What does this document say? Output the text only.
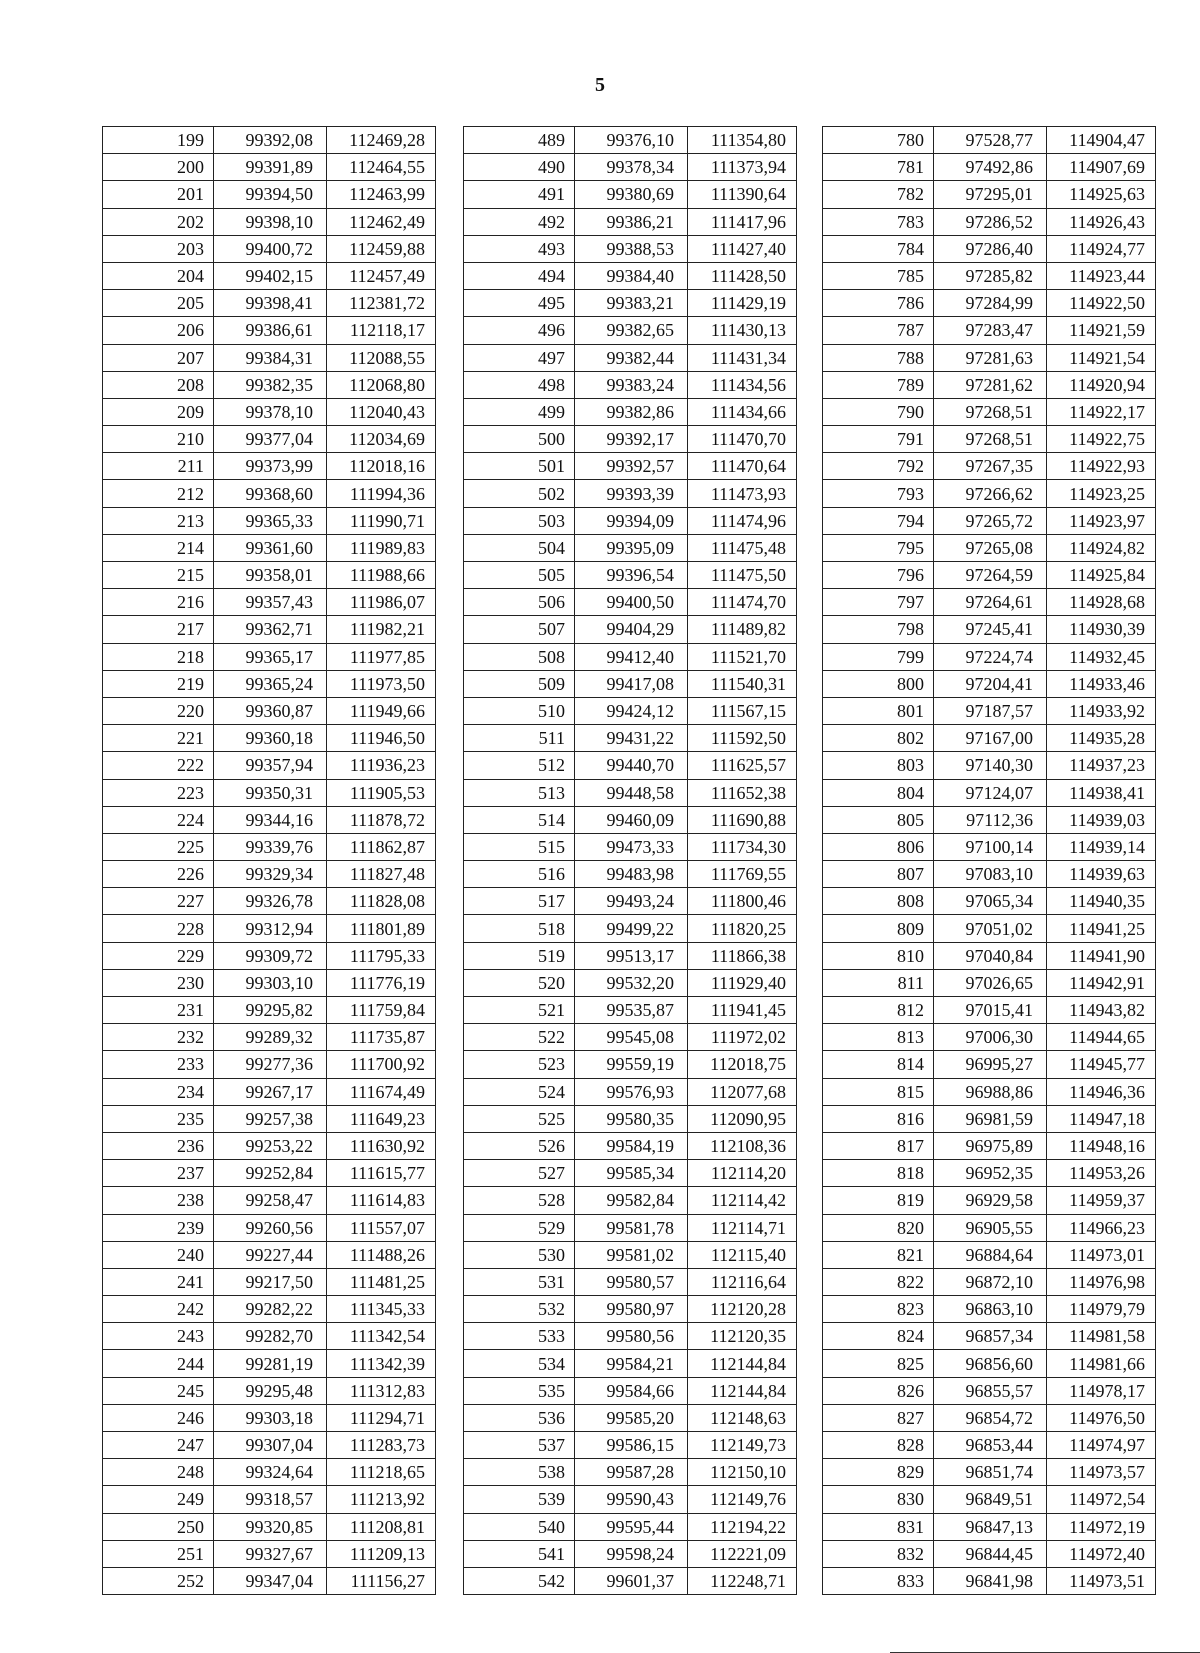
5
199	99392,08	112469,28
200	99391,89	112464,55
201	99394,50	112463,99
202	99398,10	112462,49
203	99400,72	112459,88
204	99402,15	112457,49
205	99398,41	112381,72
206	99386,61	112118,17
207	99384,31	112088,55
208	99382,35	112068,80
209	99378,10	112040,43
210	99377,04	112034,69
211	99373,99	112018,16
212	99368,60	111994,36
213	99365,33	111990,71
214	99361,60	111989,83
215	99358,01	111988,66
216	99357,43	111986,07
217	99362,71	111982,21
218	99365,17	111977,85
219	99365,24	111973,50
220	99360,87	111949,66
221	99360,18	111946,50
222	99357,94	111936,23
223	99350,31	111905,53
224	99344,16	111878,72
225	99339,76	111862,87
226	99329,34	111827,48
227	99326,78	111828,08
228	99312,94	111801,89
229	99309,72	111795,33
230	99303,10	111776,19
231	99295,82	111759,84
232	99289,32	111735,87
233	99277,36	111700,92
234	99267,17	111674,49
235	99257,38	111649,23
236	99253,22	111630,92
237	99252,84	111615,77
238	99258,47	111614,83
239	99260,56	111557,07
240	99227,44	111488,26
241	99217,50	111481,25
242	99282,22	111345,33
243	99282,70	111342,54
244	99281,19	111342,39
245	99295,48	111312,83
246	99303,18	111294,71
247	99307,04	111283,73
248	99324,64	111218,65
249	99318,57	111213,92
250	99320,85	111208,81
251	99327,67	111209,13
252	99347,04	111156,27
489	99376,10	111354,80
490	99378,34	111373,94
491	99380,69	111390,64
492	99386,21	111417,96
493	99388,53	111427,40
494	99384,40	111428,50
495	99383,21	111429,19
496	99382,65	111430,13
497	99382,44	111431,34
498	99383,24	111434,56
499	99382,86	111434,66
500	99392,17	111470,70
501	99392,57	111470,64
502	99393,39	111473,93
503	99394,09	111474,96
504	99395,09	111475,48
505	99396,54	111475,50
506	99400,50	111474,70
507	99404,29	111489,82
508	99412,40	111521,70
509	99417,08	111540,31
510	99424,12	111567,15
511	99431,22	111592,50
512	99440,70	111625,57
513	99448,58	111652,38
514	99460,09	111690,88
515	99473,33	111734,30
516	99483,98	111769,55
517	99493,24	111800,46
518	99499,22	111820,25
519	99513,17	111866,38
520	99532,20	111929,40
521	99535,87	111941,45
522	99545,08	111972,02
523	99559,19	112018,75
524	99576,93	112077,68
525	99580,35	112090,95
526	99584,19	112108,36
527	99585,34	112114,20
528	99582,84	112114,42
529	99581,78	112114,71
530	99581,02	112115,40
531	99580,57	112116,64
532	99580,97	112120,28
533	99580,56	112120,35
534	99584,21	112144,84
535	99584,66	112144,84
536	99585,20	112148,63
537	99586,15	112149,73
538	99587,28	112150,10
539	99590,43	112149,76
540	99595,44	112194,22
541	99598,24	112221,09
542	99601,37	112248,71
780	97528,77	114904,47
781	97492,86	114907,69
782	97295,01	114925,63
783	97286,52	114926,43
784	97286,40	114924,77
785	97285,82	114923,44
786	97284,99	114922,50
787	97283,47	114921,59
788	97281,63	114921,54
789	97281,62	114920,94
790	97268,51	114922,17
791	97268,51	114922,75
792	97267,35	114922,93
793	97266,62	114923,25
794	97265,72	114923,97
795	97265,08	114924,82
796	97264,59	114925,84
797	97264,61	114928,68
798	97245,41	114930,39
799	97224,74	114932,45
800	97204,41	114933,46
801	97187,57	114933,92
802	97167,00	114935,28
803	97140,30	114937,23
804	97124,07	114938,41
805	97112,36	114939,03
806	97100,14	114939,14
807	97083,10	114939,63
808	97065,34	114940,35
809	97051,02	114941,25
810	97040,84	114941,90
811	97026,65	114942,91
812	97015,41	114943,82
813	97006,30	114944,65
814	96995,27	114945,77
815	96988,86	114946,36
816	96981,59	114947,18
817	96975,89	114948,16
818	96952,35	114953,26
819	96929,58	114959,37
820	96905,55	114966,23
821	96884,64	114973,01
822	96872,10	114976,98
823	96863,10	114979,79
824	96857,34	114981,58
825	96856,60	114981,66
826	96855,57	114978,17
827	96854,72	114976,50
828	96853,44	114974,97
829	96851,74	114973,57
830	96849,51	114972,54
831	96847,13	114972,19
832	96844,45	114972,40
833	96841,98	114973,51
